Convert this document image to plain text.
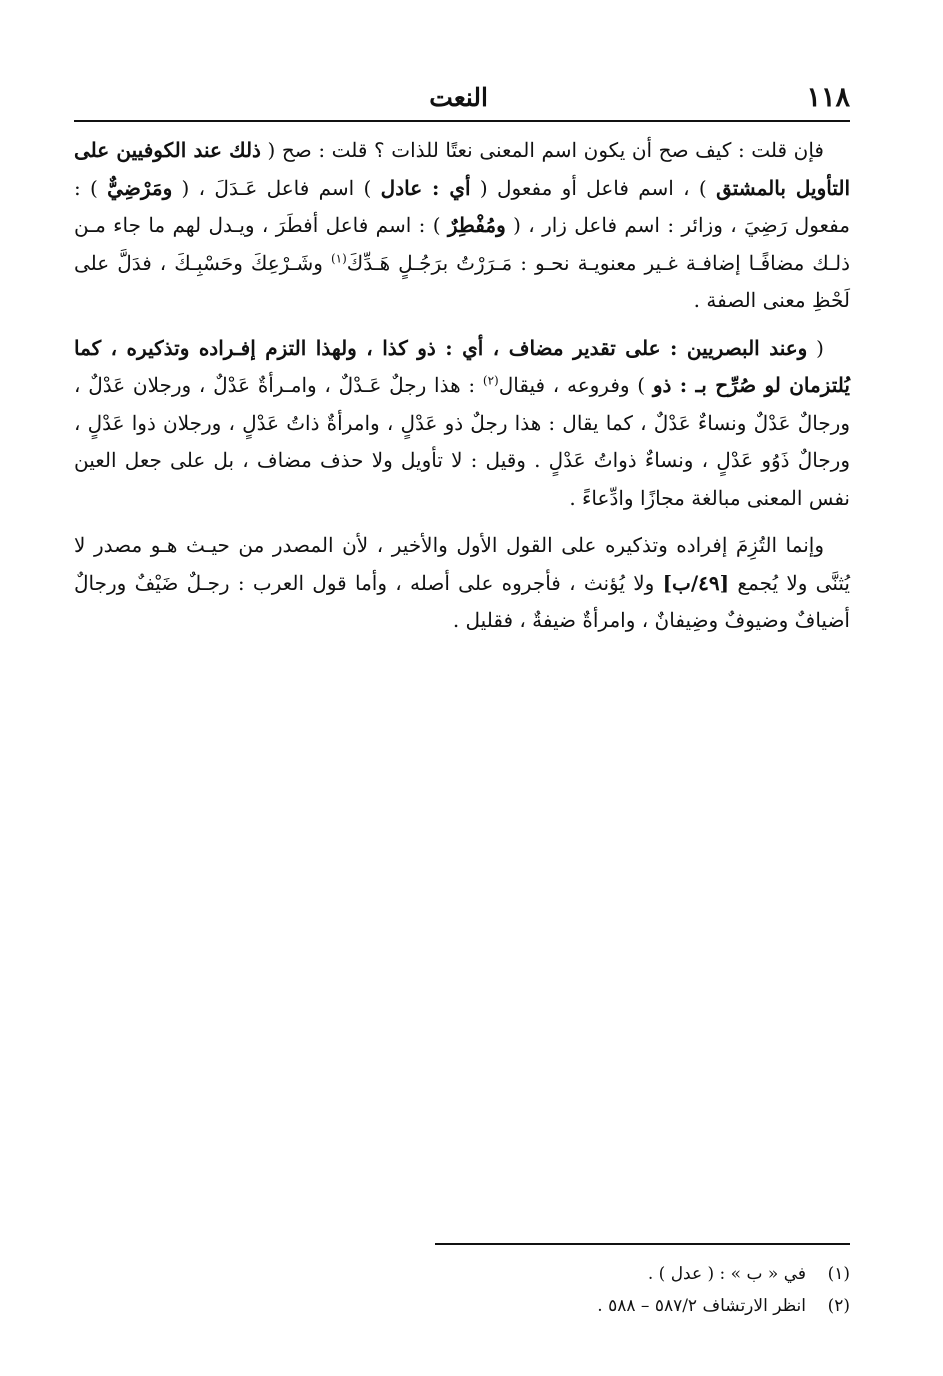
١١٨
النعت

فإن قلت : كيف صح أن يكون اسم المعنى نعتًا للذات ؟ قلت : صح ( ذلك عند الكوفيين على التأويل بالمشتق ) ، اسم فاعل أو مفعول ( أي : عادل ) اسم فاعل عَـدَلَ ، ( ومَرْضِيٌّ ) : مفعول رَضِيَ ، وزائر : اسم فاعل زار ، ( ومُفْطِرٌ ) : اسم فاعل أفطَرَ ، ويـدل لهم ما جاء مـن ذلـك مضافًـا إضافـة غـير معنويـة نحـو : مَـرَرْتُ برَجُـلٍ هَـدِّكَ$^{(١)}$ وشَـرْعِكَ وحَسْبِـكَ ، فدَلَّ على لَحْظِ معنى الصفة .

( وعند البصريين : على تقدير مضاف ، أي : ذو كذا ، ولهذا التزم إفـراده وتذكيره ، كما يُلتزمان لو صُرِّح بـ : ذو ) وفروعه ، فيقال$^{(٢)}$ : هذا رجلٌ عَـدْلٌ ، وامـرأةٌ عَدْلٌ ، ورجلان عَدْلٌ ، ورجالٌ عَدْلٌ ونساءٌ عَدْلٌ ، كما يقال : هذا رجلٌ ذو عَدْلٍ ، وامرأةٌ ذاتُ عَدْلٍ ، ورجلان ذوا عَدْلٍ ، ورجالٌ ذَوُو عَدْلٍ ، ونساءٌ ذواتُ عَدْلٍ . وقيل : لا تأويل ولا حذف مضاف ، بل على جعل العين نفس المعنى مبالغة مجازًا وادِّعاءً .

وإنما التُزِمَ إفراده وتذكيره على القول الأول والأخير ، لأن المصدر من حيـث هـو مصدر لا يُثنَّى ولا يُجمع [٤٩/ب] ولا يُؤنث ، فأجروه على أصله ، وأما قول العرب : رجـلٌ ضَيْفٌ ورجالٌ أضيافٌ وضيوفٌ وضِيفانٌ ، وامرأةٌ ضيفةٌ ، فقليل .

(١)في « ب » : ( عدل ) .
(٢)انظر الارتشاف ٥٨٧/٢ – ٥٨٨ .
